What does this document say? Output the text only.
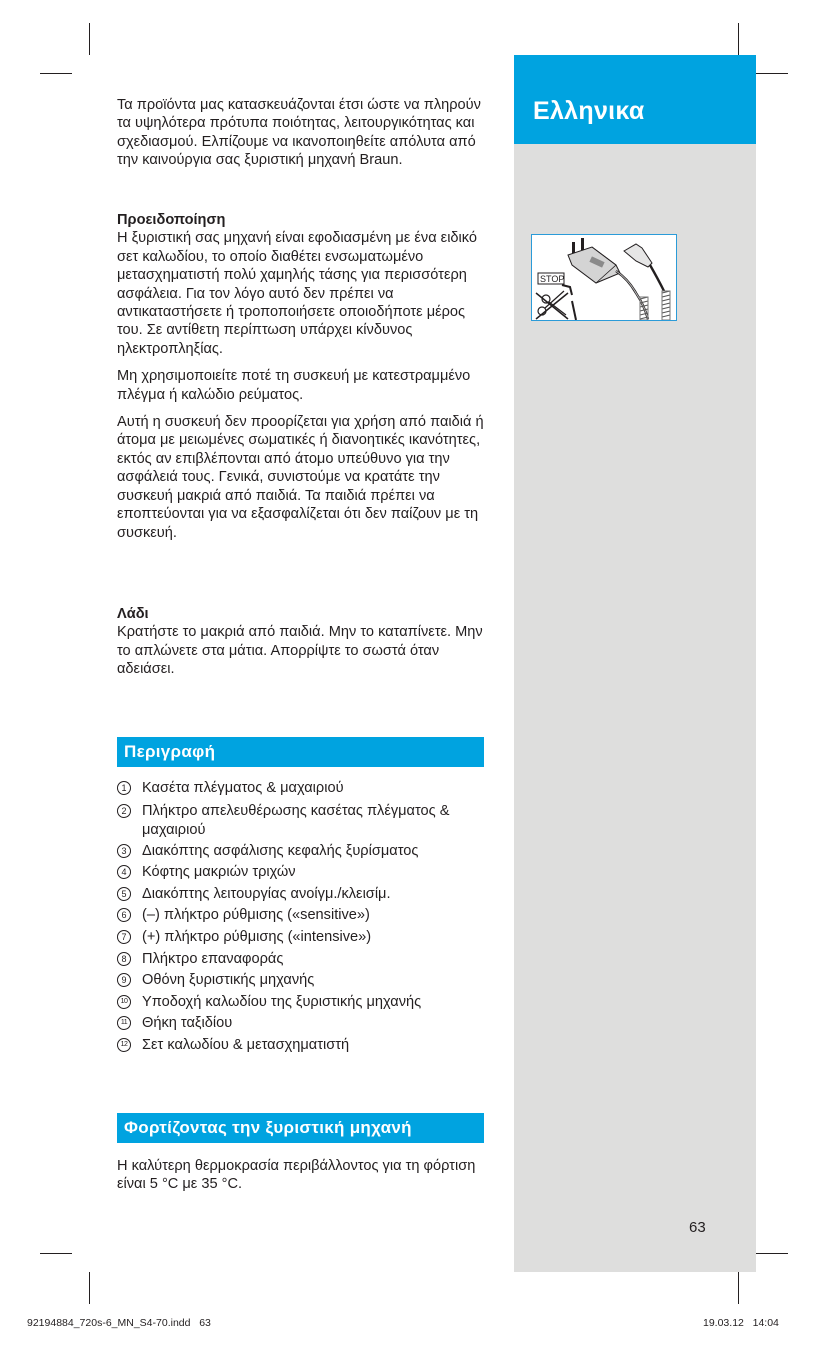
Ελληνικα
STOP
63

Τα προϊόντα μας κατασκευάζονται έτσι ώστε να πληρούν τα υψηλότερα πρότυπα ποιότητας, λειτουργικότητας και σχεδιασμού. Ελπίζουμε να ικανοποιηθείτε απόλυτα από την καινούργια σας ξυριστική μηχανή Braun.

Προειδοποίηση

Η ξυριστική σας μηχανή είναι εφοδιασμένη με ένα ειδικό σετ καλωδίου, το οποίο διαθέτει ενσωματωμένο μετασχηματιστή πολύ χαμηλής τάσης για περισσότερη ασφάλεια. Για τον λόγο αυτό δεν πρέπει να αντικαταστήσετε ή τροποποιήσετε οποιοδήποτε μέρος του. Σε αντίθετη περίπτωση υπάρχει κίνδυνος ηλεκτροπληξίας.

Μη χρησιμοποιείτε ποτέ τη συσκευή με κατεστραμμένο πλέγμα ή καλώδιο ρεύματος.

Αυτή η συσκευή δεν προορίζεται για χρήση από παιδιά ή άτομα με μειωμένες σωματικές ή διανοητικές ικανότητες, εκτός αν επιβλέπονται από άτομο υπεύθυνο για την ασφάλειά τους. Γενικά, συνιστούμε να κρατάτε την συσκευή μακριά από παιδιά. Τα παιδιά πρέπει να εποπτεύονται για να εξασφαλίζεται ότι δεν παίζουν με τη συσκευή.

Λάδι

Κρατήστε το μακριά από παιδιά. Μην το καταπίνετε. Μην το απλώνετε στα μάτια. Απορρίψτε το σωστά όταν αδειάσει.

Περιγραφή
1	Κασέτα πλέγματος & μαχαιριού
2	Πλήκτρο απελευθέρωσης κασέτας πλέγματος & μαχαιριού
3	Διακόπτης ασφάλισης κεφαλής ξυρίσματος
4	Κόφτης μακριών τριχών
5	Διακόπτης λειτουργίας ανοίγμ./κλεισίμ.
6	(–) πλήκτρο ρύθμισης («sensitive»)
7	(+) πλήκτρο ρύθμισης («intensive»)
8	Πλήκτρο επαναφοράς
9	Οθόνη ξυριστικής μηχανής
10 Υποδοχή καλωδίου της ξυριστικής μηχανής
11 Θήκη ταξιδίου
12 Σετ καλωδίου & μετασχηματιστή
Φορτίζοντας την ξυριστική μηχανή

Η καλύτερη θερμοκρασία περιβάλλοντος για τη φόρτιση είναι 5 °C με 35 °C.

92194884_720s-6_MN_S4-70.indd   63	19.03.12   14:04
